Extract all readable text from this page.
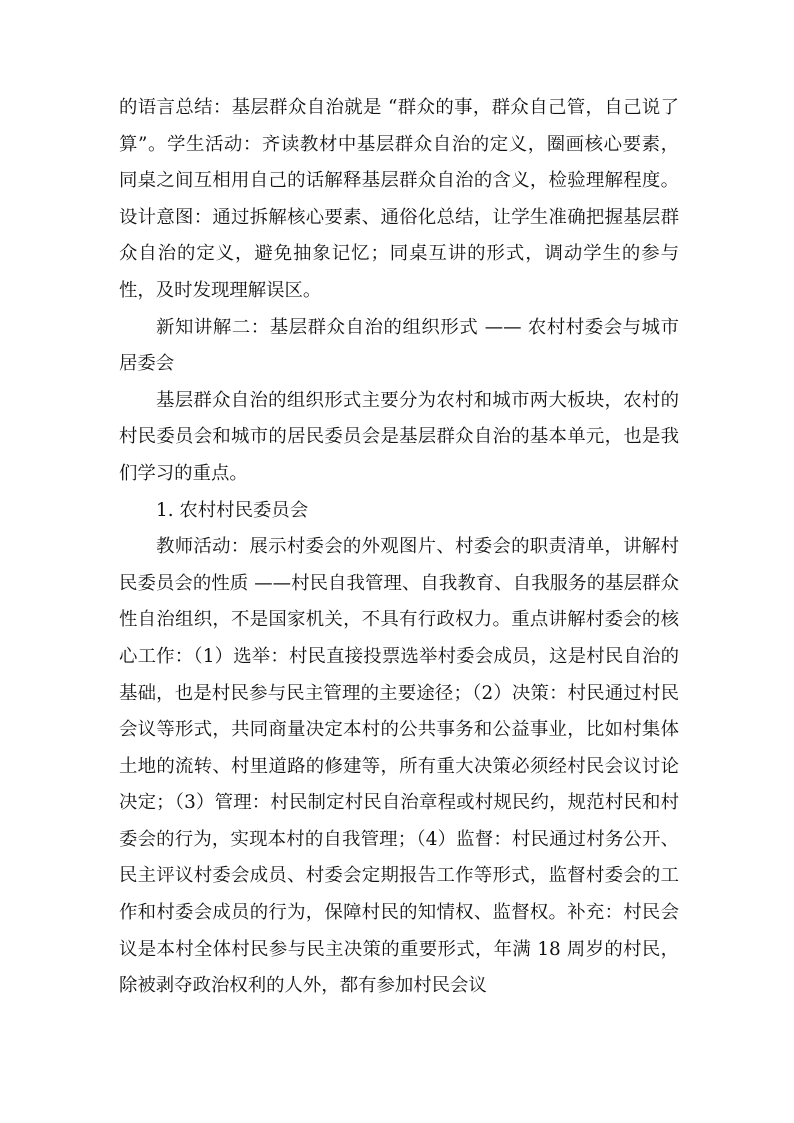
的语言总结：基层群众自治就是 “群众的事，群众自己管，自己说了算”。学生活动：齐读教材中基层群众自治的定义，圈画核心要素，同桌之间互相用自己的话解释基层群众自治的含义，检验理解程度。设计意图：通过拆解核心要素、通俗化总结，让学生准确把握基层群众自治的定义，避免抽象记忆；同桌互讲的形式，调动学生的参与性，及时发现理解误区。

新知讲解二：基层群众自治的组织形式 —— 农村村委会与城市居委会

基层群众自治的组织形式主要分为农村和城市两大板块，农村的村民委员会和城市的居民委员会是基层群众自治的基本单元，也是我们学习的重点。

1. 农村村民委员会

教师活动：展示村委会的外观图片、村委会的职责清单，讲解村民委员会的性质 ——村民自我管理、自我教育、自我服务的基层群众性自治组织，不是国家机关，不具有行政权力。重点讲解村委会的核心工作：（1）选举：村民直接投票选举村委会成员，这是村民自治的基础，也是村民参与民主管理的主要途径；（2）决策：村民通过村民会议等形式，共同商量决定本村的公共事务和公益事业，比如村集体土地的流转、村里道路的修建等，所有重大决策必须经村民会议讨论决定；（3）管理：村民制定村民自治章程或村规民约，规范村民和村委会的行为，实现本村的自我管理；（4）监督：村民通过村务公开、民主评议村委会成员、村委会定期报告工作等形式，监督村委会的工作和村委会成员的行为，保障村民的知情权、监督权。补充：村民会议是本村全体村民参与民主决策的重要形式，年满 18 周岁的村民，除被剥夺政治权利的人外，都有参加村民会议
